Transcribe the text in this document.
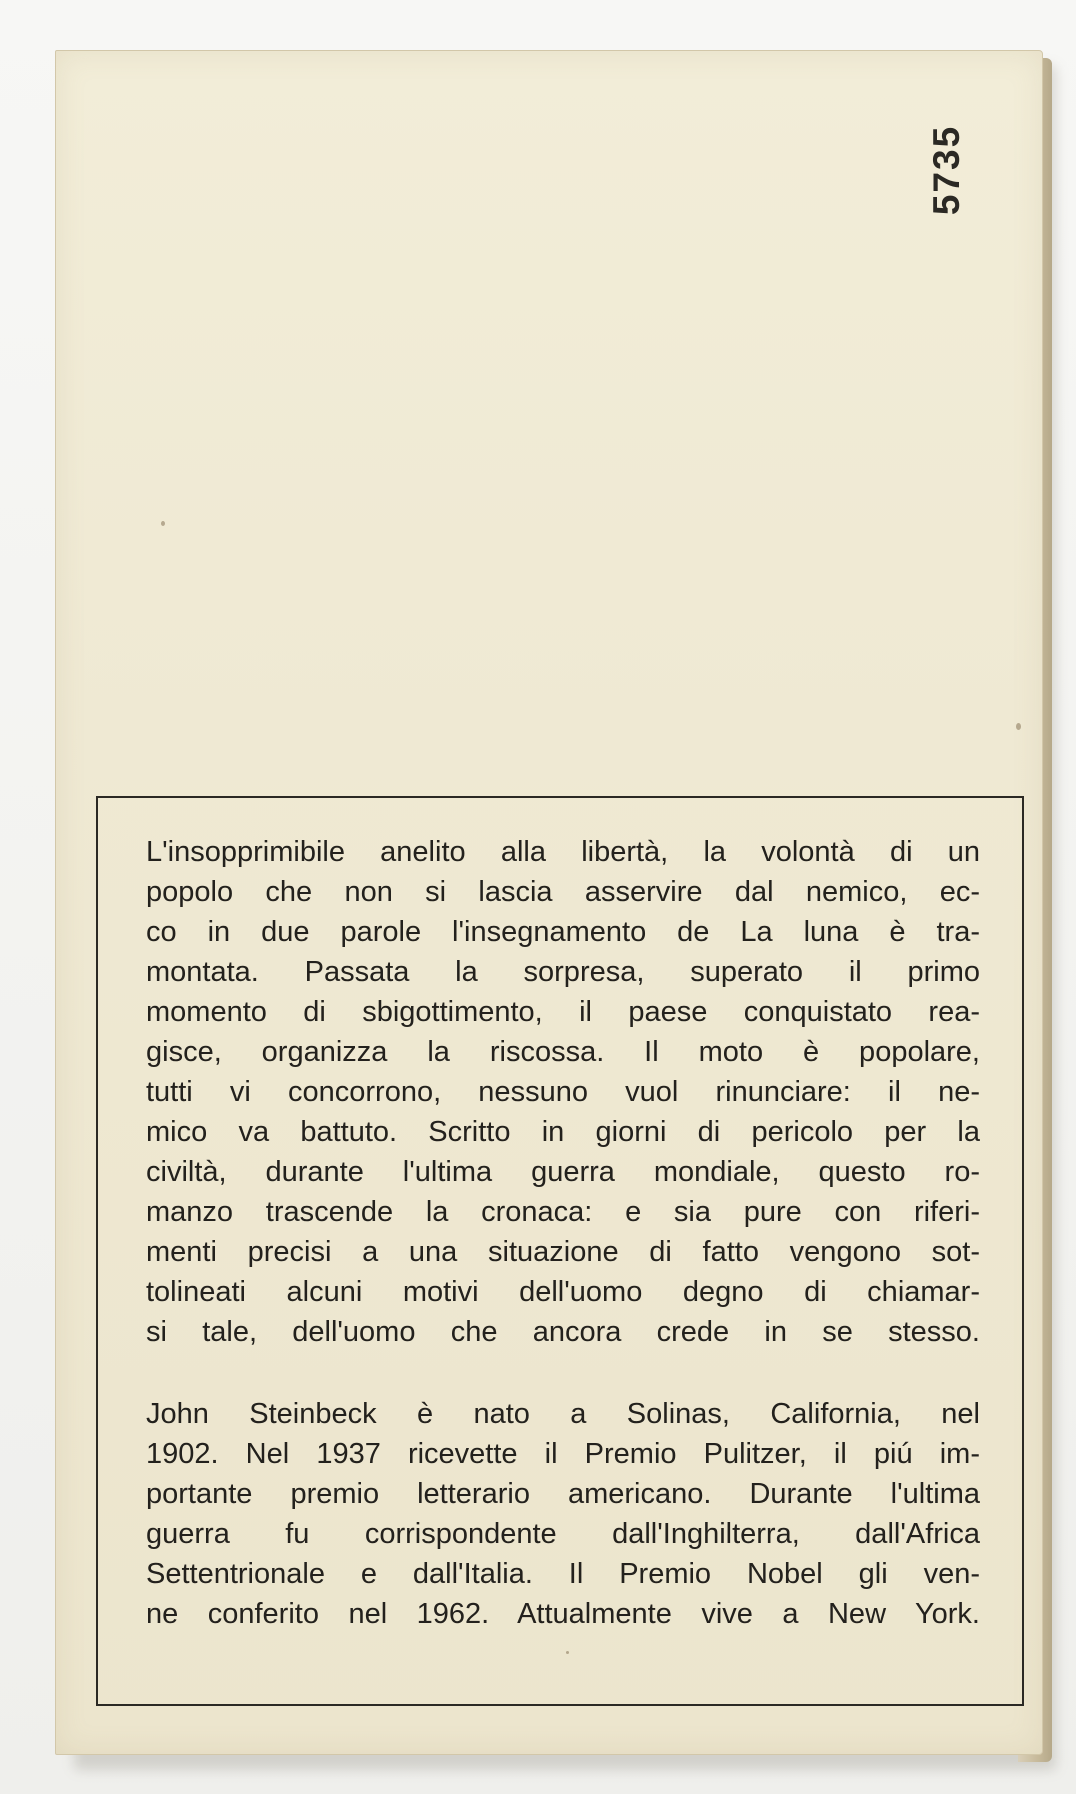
5735
L'insopprimibile anelito alla libertà, la volontà di un
popolo che non si lascia asservire dal nemico, ec-
co in due parole l'insegnamento de La luna è tra-
montata. Passata la sorpresa, superato il primo
momento di sbigottimento, il paese conquistato rea-
gisce, organizza la riscossa. Il moto è popolare,
tutti vi concorrono, nessuno vuol rinunciare: il ne-
mico va battuto. Scritto in giorni di pericolo per la
civiltà, durante l'ultima guerra mondiale, questo ro-
manzo trascende la cronaca: e sia pure con riferi-
menti precisi a una situazione di fatto vengono sot-
tolineati alcuni motivi dell'uomo degno di chiamar-
si tale, dell'uomo che ancora crede in se stesso.
John Steinbeck è nato a Solinas, California, nel
1902. Nel 1937 ricevette il Premio Pulitzer, il piú im-
portante premio letterario americano. Durante l'ultima
guerra fu corrispondente dall'Inghilterra, dall'Africa
Settentrionale e dall'Italia. Il Premio Nobel gli ven-
ne conferito nel 1962. Attualmente vive a New York.
